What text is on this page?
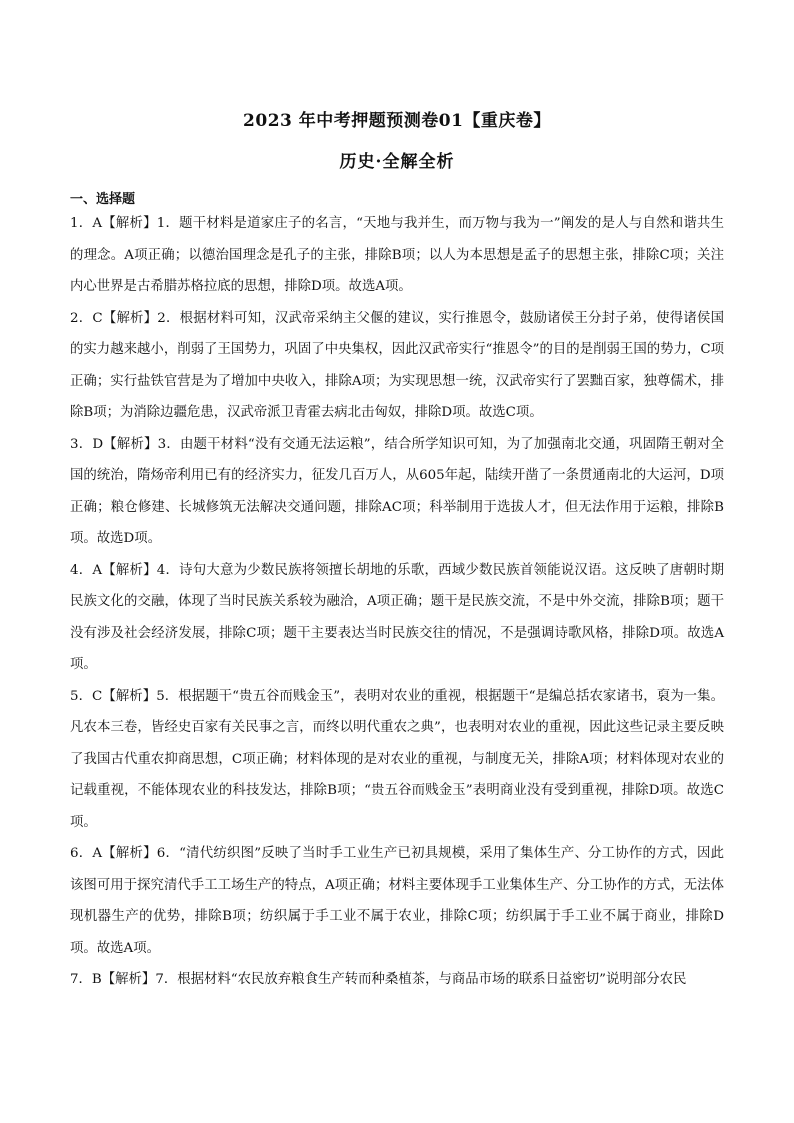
2023 年中考押题预测卷01【重庆卷】
历史·全解全析
一、选择题

1．A【解析】1．题干材料是道家庄子的名言，“天地与我并生，而万物与我为一”阐发的是人与自然和谐共生的理念。A项正确；以德治国理念是孔子的主张，排除B项；以人为本思想是孟子的思想主张，排除C项；关注内心世界是古希腊苏格拉底的思想，排除D项。故选A项。

2．C【解析】2．根据材料可知，汉武帝采纳主父偃的建议，实行推恩令，鼓励诸侯王分封子弟，使得诸侯国的实力越来越小，削弱了王国势力，巩固了中央集权，因此汉武帝实行“推恩令”的目的是削弱王国的势力，C项正确；实行盐铁官营是为了增加中央收入，排除A项；为实现思想一统，汉武帝实行了罢黜百家，独尊儒术，排除B项；为消除边疆危患，汉武帝派卫青霍去病北击匈奴，排除D项。故选C项。

3．D【解析】3．由题干材料“没有交通无法运粮”，结合所学知识可知，为了加强南北交通，巩固隋王朝对全国的统治，隋炀帝利用已有的经济实力，征发几百万人，从605年起，陆续开凿了一条贯通南北的大运河，D项正确；粮仓修建、长城修筑无法解决交通问题，排除AC项；科举制用于选拔人才，但无法作用于运粮，排除B项。故选D项。

4．A【解析】4．诗句大意为少数民族将领擅长胡地的乐歌，西域少数民族首领能说汉语。这反映了唐朝时期民族文化的交融，体现了当时民族关系较为融洽，A项正确；题干是民族交流，不是中外交流，排除B项；题干没有涉及社会经济发展，排除C项；题干主要表达当时民族交往的情况，不是强调诗歌风格，排除D项。故选A项。

5．C【解析】5．根据题干“贵五谷而贱金玉”，表明对农业的重视，根据题干“是编总括农家诸书，裒为一集。凡农本三卷，皆经史百家有关民事之言，而终以明代重农之典”，也表明对农业的重视，因此这些记录主要反映了我国古代重农抑商思想，C项正确；材料体现的是对农业的重视，与制度无关，排除A项；材料体现对农业的记载重视，不能体现农业的科技发达，排除B项；“贵五谷而贱金玉”表明商业没有受到重视，排除D项。故选C项。

6．A【解析】6．“清代纺织图”反映了当时手工业生产已初具规模，采用了集体生产、分工协作的方式，因此该图可用于探究清代手工工场生产的特点，A项正确；材料主要体现手工业集体生产、分工协作的方式，无法体现机器生产的优势，排除B项；纺织属于手工业不属于农业，排除C项；纺织属于手工业不属于商业，排除D项。故选A项。

7．B【解析】7．根据材料“农民放弃粮食生产转而种桑植茶，与商品市场的联系日益密切”说明部分农民
